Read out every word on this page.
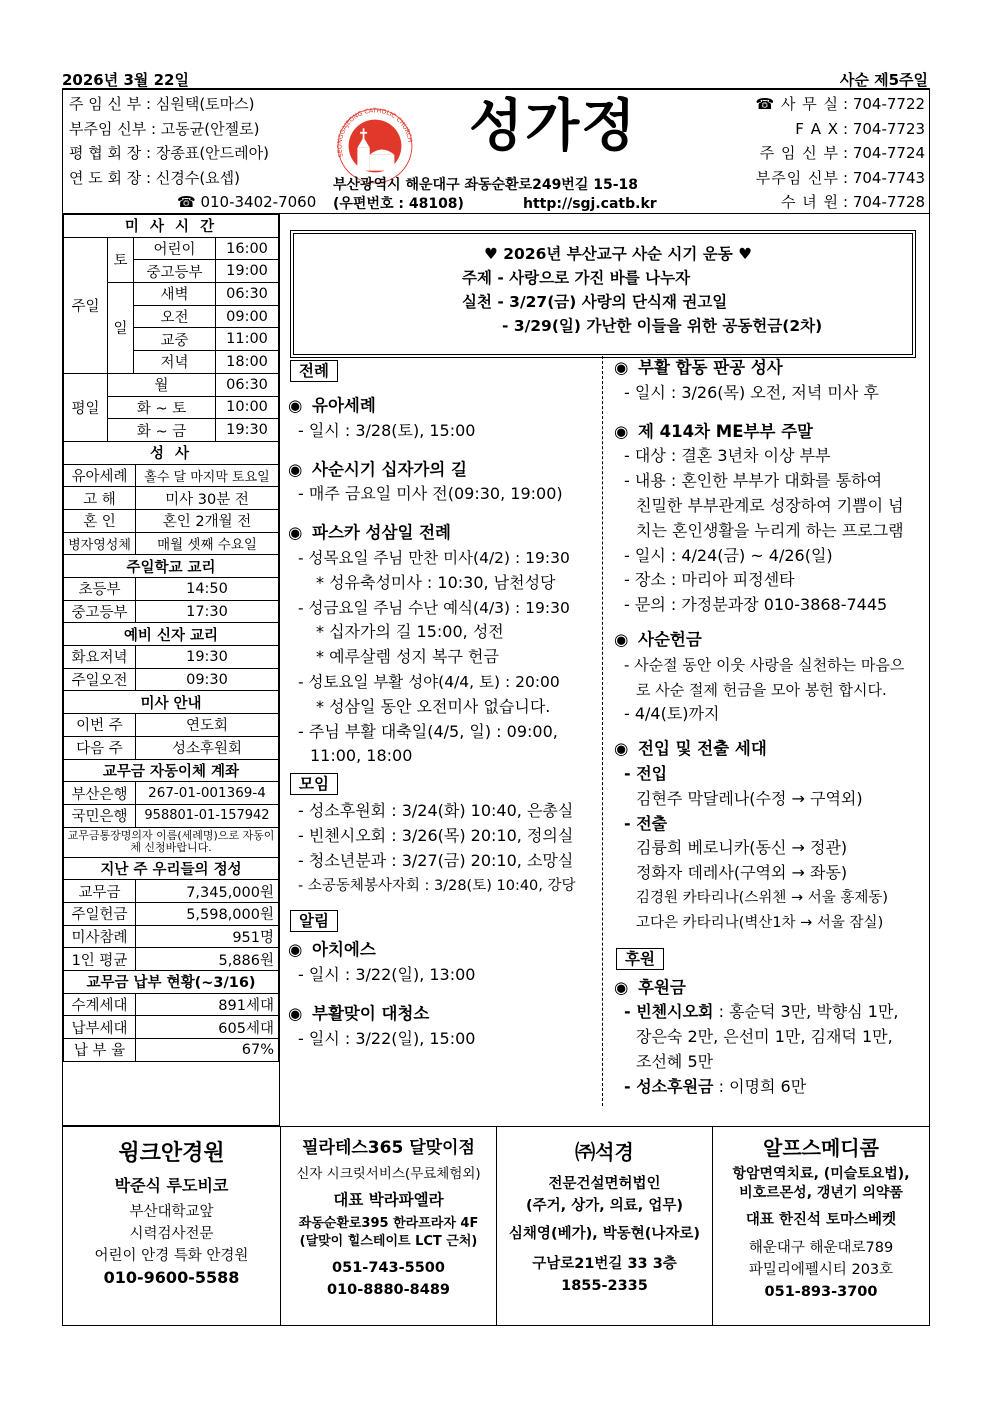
2026년 3월 22일	사순 제5주일
주 임 신 부 : 심원택(토마스)
부주임 신부 : 고동균(안젤로)
평 협 회 장 : 장종표(안드레아)
연 도 회 장 : 신경수(요셉)
☎ 010-3402-7060
SEONGGAJEONG CATHOLIC CHURCH 성가정
부산광역시 해운대구 좌동순환로249번길 15-18
(우편번호 : 48108)	http://sgj.catb.kr
☎ 사 무 실 : 704-7722
F A X : 704-7723
주 임 신 부 : 704-7724
부주임 신부 : 704-7743
수 녀 원 : 704-7728
미 사 시 간			
주일	토	어린이	16:00
		중고등부	19:00
	일	새벽	06:30
		오전	09:00
		교중	11:00
		저녁	18:00
평일	월		06:30
	화 ~ 토		10:00
	화 ~ 금		19:30
성 사	
유아세례	홀수 달 마지막 토요일
고 해	미사 30분 전
혼 인	혼인 2개월 전
병자영성체	매월 셋째 수요일
주일학교 교리	
초등부	14:50
중고등부	17:30
예비 신자 교리	
화요저녁	19:30
주일오전	09:30
미사 안내	
이번 주	연도회
다음 주	성소후원회
교무금 자동이체 계좌	
부산은행	267-01-001369-4
국민은행	958801-01-157942
교무금통장명의자 이름(세례명)으로 자동이체 신청바랍니다.	
지난 주 우리들의 정성	
교무금	7,345,000원
주일헌금	5,598,000원
미사참례	951명
1인 평균	5,886원
교무금 납부 현황(~3/16)	
수계세대	891세대
납부세대	605세대
납 부 율	67%
♥ 2026년 부산교구 사순 시기 운동 ♥
주제 - 사랑으로 가진 바를 나누자
실천 - 3/27(금) 사랑의 단식재 권고일
- 3/29(일) 가난한 이들을 위한 공동헌금(2차)
전례
◉ 유아세례
- 일시 : 3/28(토), 15:00
◉ 사순시기 십자가의 길
- 매주 금요일 미사 전(09:30, 19:00)
◉ 파스카 성삼일 전례
- 성목요일 주님 만찬 미사(4/2) : 19:30
* 성유축성미사 : 10:30, 남천성당
- 성금요일 주님 수난 예식(4/3) : 19:30
* 십자가의 길 15:00, 성전
* 예루살렘 성지 복구 헌금
- 성토요일 부활 성야(4/4, 토) : 20:00
* 성삼일 동안 오전미사 없습니다.
- 주님 부활 대축일(4/5, 일) : 09:00,
11:00, 18:00
모임
- 성소후원회 : 3/24(화) 10:40, 은총실
- 빈첸시오회 : 3/26(목) 20:10, 정의실
- 청소년분과 : 3/27(금) 20:10, 소망실
- 소공동체봉사자회 : 3/28(토) 10:40, 강당
알림
◉ 아치에스
- 일시 : 3/22(일), 13:00
◉ 부활맞이 대청소
- 일시 : 3/22(일), 15:00
◉ 부활 합동 판공 성사
- 일시 : 3/26(목) 오전, 저녁 미사 후
◉ 제 414차 ME부부 주말
- 대상 : 결혼 3년차 이상 부부
- 내용 : 혼인한 부부가 대화를 통하여
친밀한 부부관계로 성장하여 기쁨이 넘
치는 혼인생활을 누리게 하는 프로그램
- 일시 : 4/24(금) ~ 4/26(일)
- 장소 : 마리아 피정센타
- 문의 : 가정분과장 010-3868-7445
◉ 사순헌금
- 사순절 동안 이웃 사랑을 실천하는 마음으
로 사순 절제 헌금을 모아 봉헌 합시다.
- 4/4(토)까지
◉ 전입 및 전출 세대
- 전입
김현주 막달레나(수정 → 구역외)
- 전출
김륭희 베로니카(동신 → 정관)
정화자 데레사(구역외 → 좌동)
김경원 카타리나(스위첸 → 서울 홍제동)
고다은 카타리나(벽산1차 → 서울 잠실)
후원
◉ 후원금
- 빈첸시오회 : 홍순덕 3만, 박향심 1만,
장은숙 2만, 은선미 1만, 김재덕 1만,
조선혜 5만
- 성소후원금 : 이명희 6만
윙크안경원
박준식 루도비코
부산대학교앞
시력검사전문
어린이 안경 특화 안경원
010-9600-5588
필라테스365 달맞이점
신자 시크릿서비스(무료체험외)
대표 박라파엘라
좌동순환로395 한라프라자 4F
(달맞이 힐스테이트 LCT 근처)
051-743-5500
010-8880-8489
㈜석경
전문건설면허법인
(주거, 상가, 의료, 업무)
심채영(베가), 박동현(나자로)
구남로21번길 33 3층
1855-2335
알프스메디콤
항암면역치료, (미슬토요법),
비호르몬성, 갱년기 의약품
대표 한진석 토마스베켓
해운대구 해운대로789
파밀리에펠시티 203호
051-893-3700
